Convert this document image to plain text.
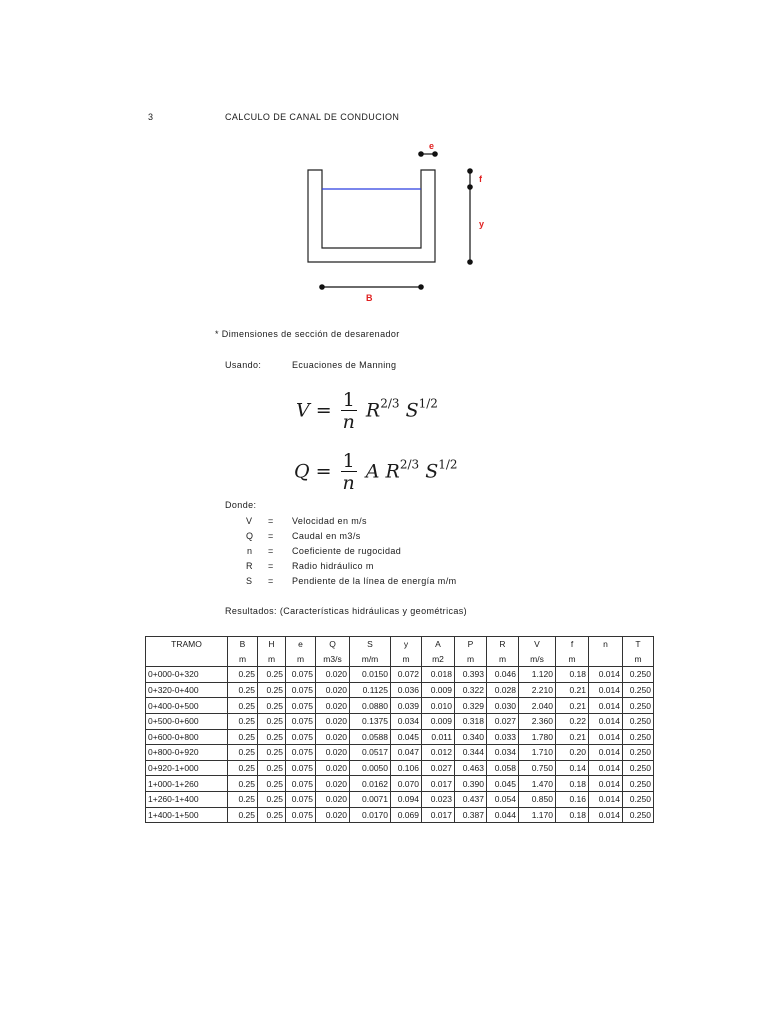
3	CALCULO DE CANAL DE CONDUCION
e
f
y
B
* Dimensiones de sección de desarenador
Usando:	Ecuaciones de Manning
$V = \frac{1}{n} R^{2/3}$ $S^{1/2}$
$Q = \frac{1}{n}$ A $R^{2/3}$ $S^{1/2}$
Donde:
V = Velocidad en m/s
Q = Caudal en m3/s
n = Coeficiente de rugocidad
R = Radio hidráulico m
S = Pendiente de la línea de energía m/m
Resultados: (Características hidráulicas y geométricas)
TRAMO	B	H	e	Q	S	y	A	P	R	V	f	n	T
	m	m	m	m3/s	m/m	m	m2	m	m	m/s	m		m
0+000-0+320	0.25	0.25	0.075	0.020	0.0150	0.072	0.018	0.393	0.046	1.120	0.18	0.014	0.250
0+320-0+400	0.25	0.25	0.075	0.020	0.1125	0.036	0.009	0.322	0.028	2.210	0.21	0.014	0.250
0+400-0+500	0.25	0.25	0.075	0.020	0.0880	0.039	0.010	0.329	0.030	2.040	0.21	0.014	0.250
0+500-0+600	0.25	0.25	0.075	0.020	0.1375	0.034	0.009	0.318	0.027	2.360	0.22	0.014	0.250
0+600-0+800	0.25	0.25	0.075	0.020	0.0588	0.045	0.011	0.340	0.033	1.780	0.21	0.014	0.250
0+800-0+920	0.25	0.25	0.075	0.020	0.0517	0.047	0.012	0.344	0.034	1.710	0.20	0.014	0.250
0+920-1+000	0.25	0.25	0.075	0.020	0.0050	0.106	0.027	0.463	0.058	0.750	0.14	0.014	0.250
1+000-1+260	0.25	0.25	0.075	0.020	0.0162	0.070	0.017	0.390	0.045	1.470	0.18	0.014	0.250
1+260-1+400	0.25	0.25	0.075	0.020	0.0071	0.094	0.023	0.437	0.054	0.850	0.16	0.014	0.250
1+400-1+500	0.25	0.25	0.075	0.020	0.0170	0.069	0.017	0.387	0.044	1.170	0.18	0.014	0.250
